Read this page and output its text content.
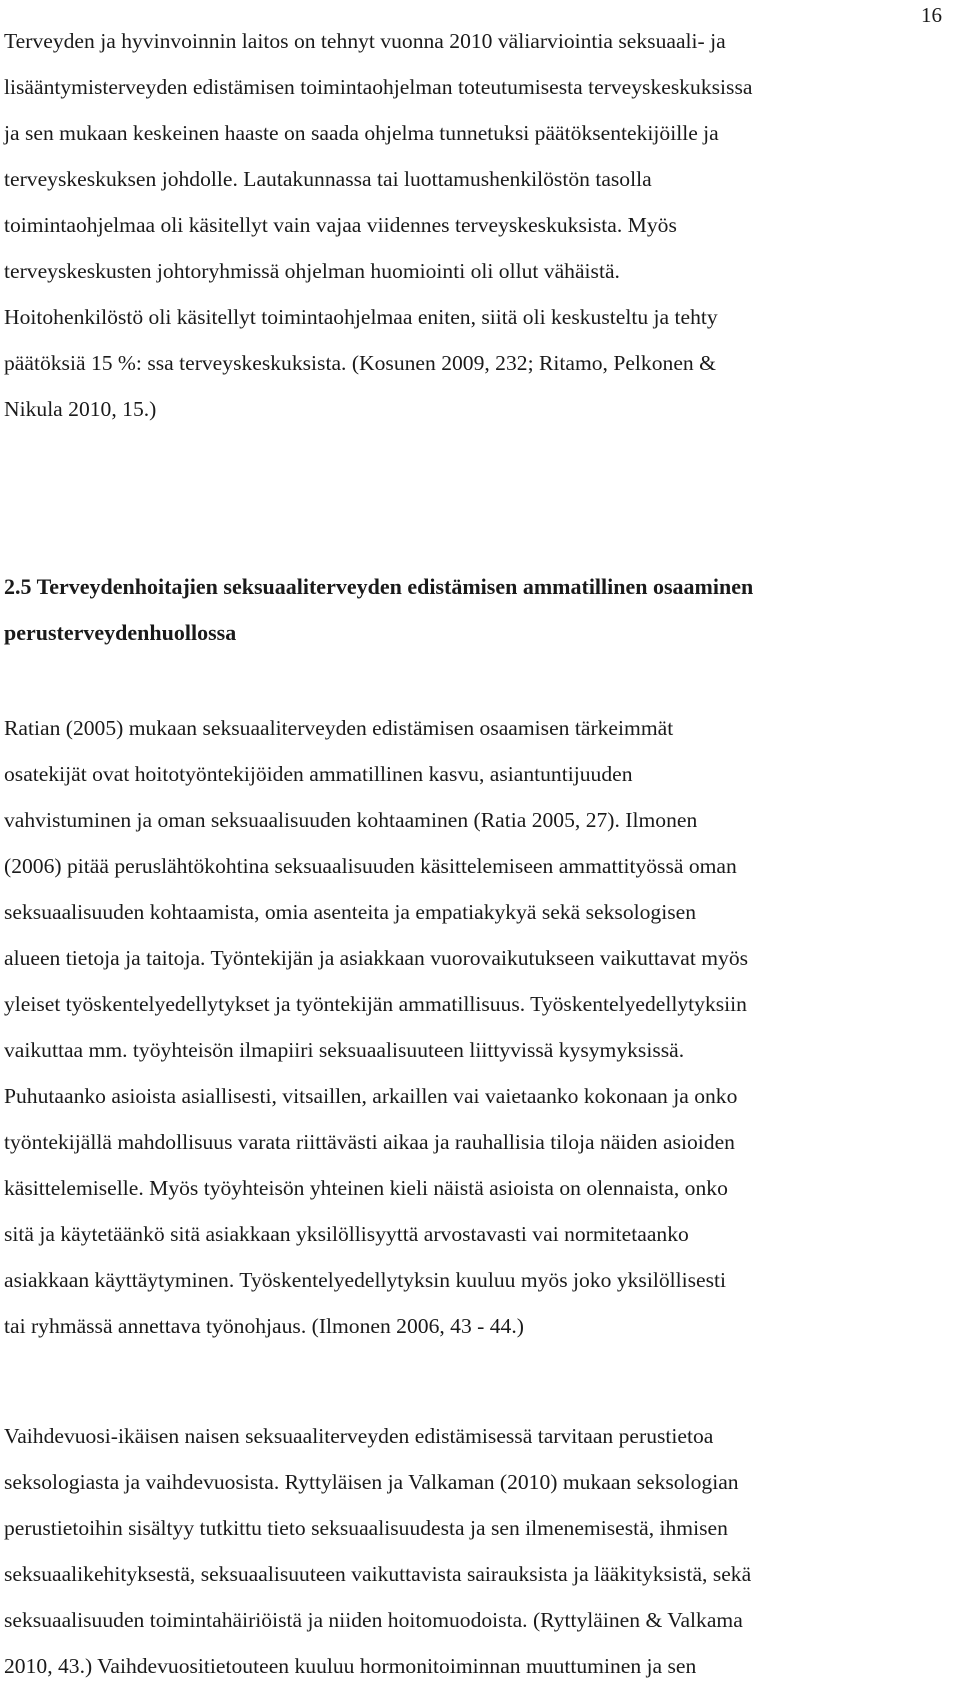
16
Terveyden ja hyvinvoinnin laitos on tehnyt vuonna 2010 väliarviointia seksuaali- ja
lisääntymisterveyden edistämisen toimintaohjelman toteutumisesta terveyskeskuksissa
ja sen mukaan keskeinen haaste on saada ohjelma tunnetuksi päätöksentekijöille ja
terveyskeskuksen johdolle. Lautakunnassa tai luottamushenkilöstön tasolla
toimintaohjelmaa oli käsitellyt vain vajaa viidennes terveyskeskuksista. Myös
terveyskeskusten johtoryhmissä ohjelman huomiointi oli ollut vähäistä.
Hoitohenkilöstö oli käsitellyt toimintaohjelmaa eniten, siitä oli keskusteltu ja tehty
päätöksiä 15 %: ssa terveyskeskuksista. (Kosunen 2009, 232; Ritamo, Pelkonen &
Nikula 2010, 15.)
2.5 Terveydenhoitajien seksuaaliterveyden edistämisen ammatillinen osaaminen
perusterveydenhuollossa
Ratian (2005) mukaan seksuaaliterveyden edistämisen osaamisen tärkeimmät
osatekijät ovat hoitotyöntekijöiden ammatillinen kasvu, asiantuntijuuden
vahvistuminen ja oman seksuaalisuuden kohtaaminen (Ratia 2005, 27). Ilmonen
(2006) pitää peruslähtökohtina seksuaalisuuden käsittelemiseen ammattityössä oman
seksuaalisuuden kohtaamista, omia asenteita ja empatiakykyä sekä seksologisen
alueen tietoja ja taitoja. Työntekijän ja asiakkaan vuorovaikutukseen vaikuttavat myös
yleiset työskentelyedellytykset ja työntekijän ammatillisuus. Työskentelyedellytyksiin
vaikuttaa mm. työyhteisön ilmapiiri seksuaalisuuteen liittyvissä kysymyksissä.
Puhutaanko asioista asiallisesti, vitsaillen, arkaillen vai vaietaanko kokonaan ja onko
työntekijällä mahdollisuus varata riittävästi aikaa ja rauhallisia tiloja näiden asioiden
käsittelemiselle. Myös työyhteisön yhteinen kieli näistä asioista on olennaista, onko
sitä ja käytetäänkö sitä asiakkaan yksilöllisyyttä arvostavasti vai normitetaanko
asiakkaan käyttäytyminen. Työskentelyedellytyksin kuuluu myös joko yksilöllisesti
tai ryhmässä annettava työnohjaus. (Ilmonen 2006, 43 - 44.)
Vaihdevuosi-ikäisen naisen seksuaaliterveyden edistämisessä tarvitaan perustietoa
seksologiasta ja vaihdevuosista. Ryttyläisen ja Valkaman (2010) mukaan seksologian
perustietoihin sisältyy tutkittu tieto seksuaalisuudesta ja sen ilmenemisestä, ihmisen
seksuaalikehityksestä, seksuaalisuuteen vaikuttavista sairauksista ja lääkityksistä, sekä
seksuaalisuuden toimintahäiriöistä ja niiden hoitomuodoista. (Ryttyläinen & Valkama
2010, 43.) Vaihdevuositietouteen kuuluu hormonitoiminnan muuttuminen ja sen
